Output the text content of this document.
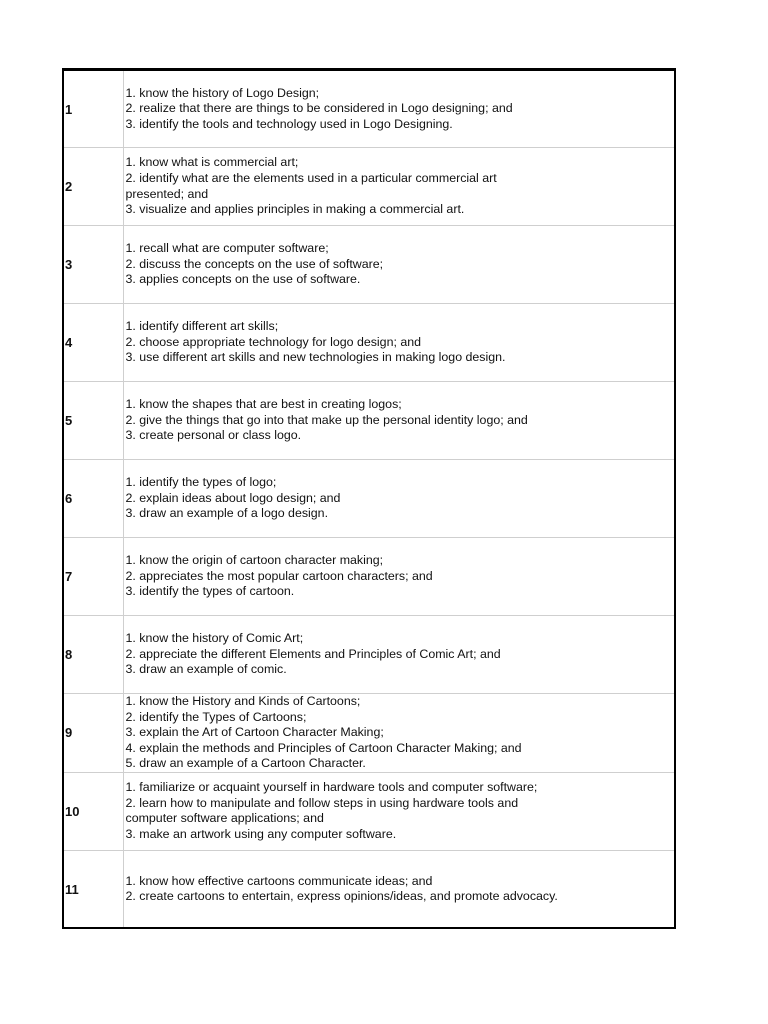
1	1. know the history of Logo Design;
2. realize that there are things to be considered in Logo designing; and
3. identify the tools and technology used in Logo Designing.

2	1. know what is commercial art;
2. identify what are the elements used in a particular commercial art
presented; and
3. visualize and applies principles in making a commercial art.

3	1. recall what are computer software;
2. discuss the concepts on the use of software;
3. applies concepts on the use of software.

4	1. identify different art skills;
2. choose appropriate technology for logo design; and
3. use different art skills and new technologies in making logo design.

5	1. know the shapes that are best in creating logos;
2. give the things that go into that make up the personal identity logo; and
3. create personal or class logo.

6	1. identify the types of logo;
2. explain ideas about logo design; and
3. draw an example of a logo design.

7	1. know the origin of cartoon character making;
2. appreciates the most popular cartoon characters; and
3. identify the types of cartoon.

8	1. know the history of Comic Art;
2. appreciate the different Elements and Principles of Comic Art; and
3. draw an example of comic.

9	1. know the History and Kinds of Cartoons;
2. identify the Types of Cartoons;
3. explain the Art of Cartoon Character Making;
4. explain the methods and Principles of Cartoon Character Making; and
5. draw an example of a Cartoon Character.

10	1. familiarize or acquaint yourself in hardware tools and computer software;
2. learn how to manipulate and follow steps in using hardware tools and
computer software applications; and
3. make an artwork using any computer software.

11	1. know how effective cartoons communicate ideas; and
2. create cartoons to entertain, express opinions/ideas, and promote advocacy.
